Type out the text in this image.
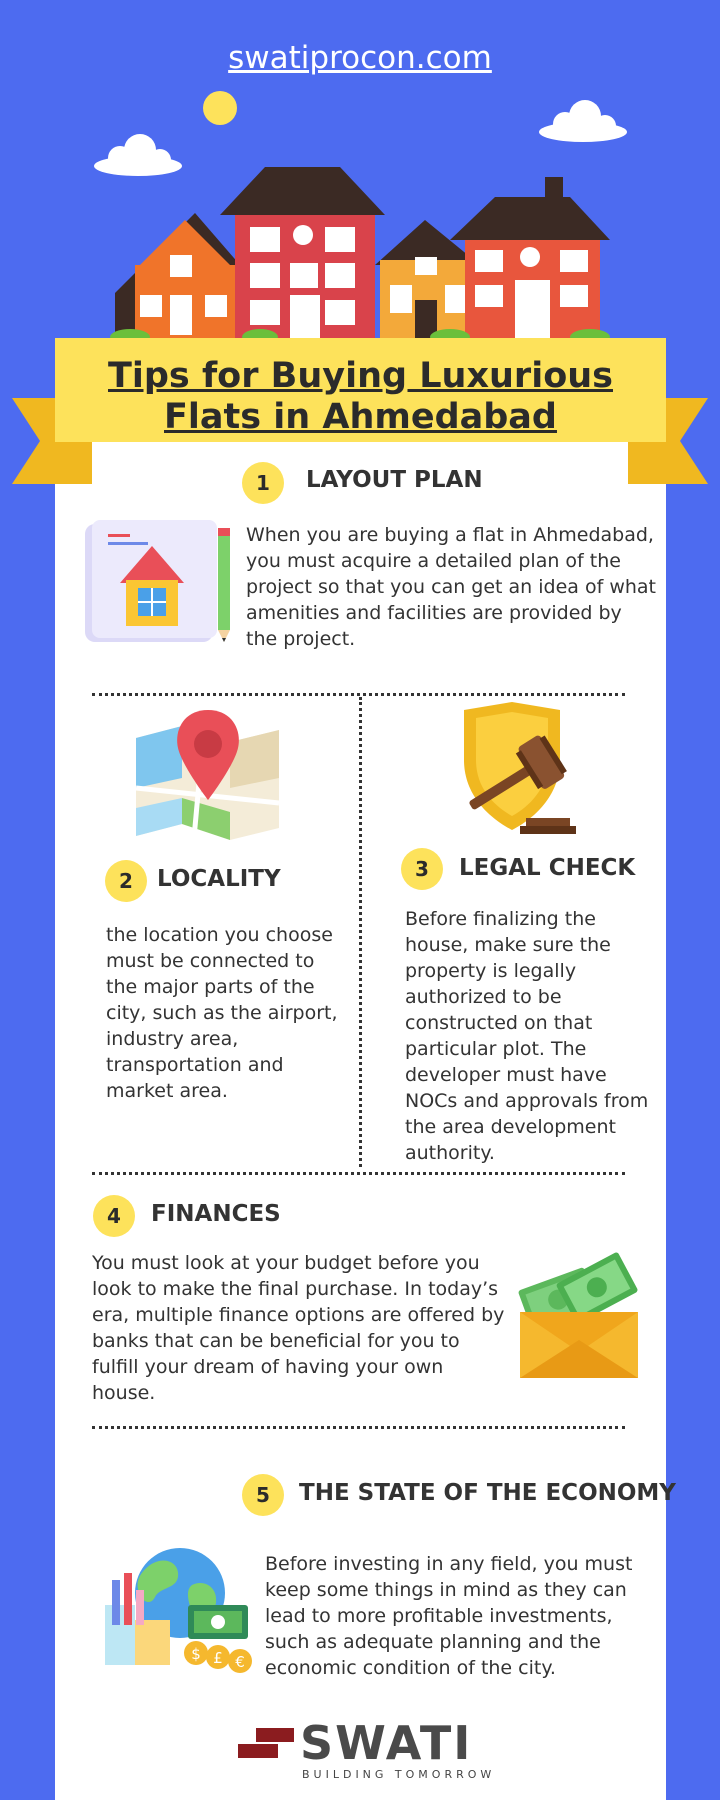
swatiprocon.com
Tips for Buying Luxurious
Flats in Ahmedabad
1	LAYOUT PLAN
When you are buying a flat in Ahmedabad, you must acquire a detailed plan of the project so that you can get an idea of what amenities and facilities are provided by the project.
2	LOCALITY
the location you choose must be connected to the major parts of the city, such as the airport, industry area, transportation and market area.
3	LEGAL CHECK
Before finalizing the house, make sure the property is legally authorized to be constructed on that particular plot. The developer must have NOCs and approvals from the area development authority.
4	FINANCES
You must look at your budget before you look to make the final purchase. In today’s era, multiple finance options are offered by banks that can be beneficial for you to fulfill your dream of having your own house.
5	THE STATE OF THE ECONOMY
$ £ €
Before investing in any field, you must keep some things in mind as they can lead to more profitable investments, such as adequate planning and the economic condition of the city.
SWATI
BUILDING TOMORROW
